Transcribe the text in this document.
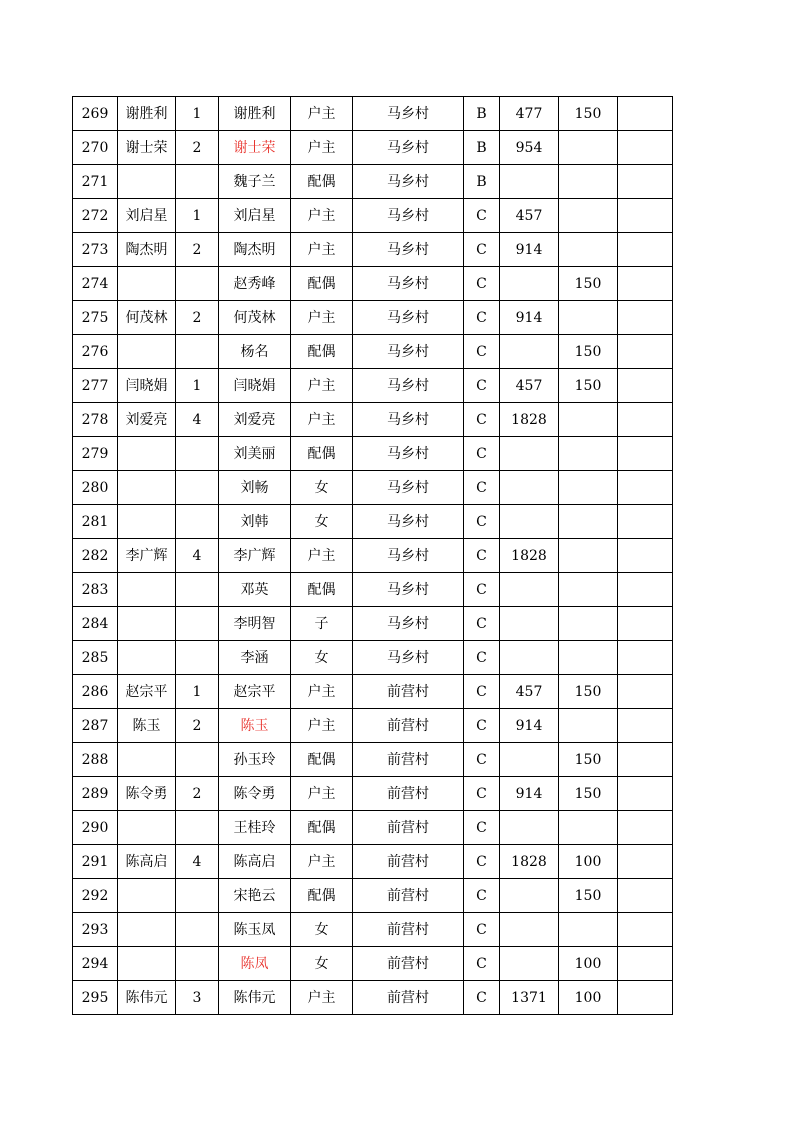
269	谢胜利	1	谢胜利	户主	马乡村	B	477	150	
270	谢士荣	2	谢士荣	户主	马乡村	B	954		
271			魏子兰	配偶	马乡村	B			
272	刘启星	1	刘启星	户主	马乡村	C	457		
273	陶杰明	2	陶杰明	户主	马乡村	C	914		
274			赵秀峰	配偶	马乡村	C		150	
275	何茂林	2	何茂林	户主	马乡村	C	914		
276			杨名	配偶	马乡村	C		150	
277	闫晓娟	1	闫晓娟	户主	马乡村	C	457	150	
278	刘爱亮	4	刘爱亮	户主	马乡村	C	1828		
279			刘美丽	配偶	马乡村	C			
280			刘畅	女	马乡村	C			
281			刘韩	女	马乡村	C			
282	李广辉	4	李广辉	户主	马乡村	C	1828		
283			邓英	配偶	马乡村	C			
284			李明智	子	马乡村	C			
285			李涵	女	马乡村	C			
286	赵宗平	1	赵宗平	户主	前营村	C	457	150	
287	陈玉	2	陈玉	户主	前营村	C	914		
288			孙玉玲	配偶	前营村	C		150	
289	陈令勇	2	陈令勇	户主	前营村	C	914	150	
290			王桂玲	配偶	前营村	C			
291	陈高启	4	陈高启	户主	前营村	C	1828	100	
292			宋艳云	配偶	前营村	C		150	
293			陈玉凤	女	前营村	C			
294			陈凤	女	前营村	C		100	
295	陈伟元	3	陈伟元	户主	前营村	C	1371	100	
